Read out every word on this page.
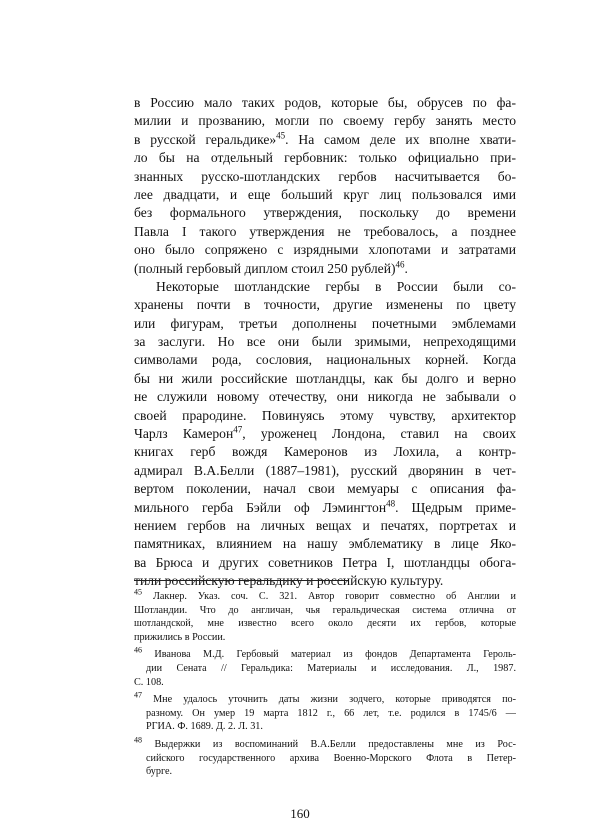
в Россию мало таких родов, которые бы, обрусев по фа-
милии и прозванию, могли по своему гербу занять место
в русской геральдике»$^{45}$. На самом деле их вполне хвати-
ло бы на отдельный гербовник: только официально при-
знанных русско-шотландских гербов насчитывается бо-
лее двадцати, и еще больший круг лиц пользовался ими
без формального утверждения, поскольку до времени
Павла I такого утверждения не требовалось, а позднее
оно было сопряжено с изрядными хлопотами и затратами
(полный гербовый диплом стоил 250 рублей)$^{46}$.
Некоторые шотландские гербы в России были со-
хранены почти в точности, другие изменены по цвету
или фигурам, третьи дополнены почетными эмблемами
за заслуги. Но все они были зримыми, непреходящими
символами рода, сословия, национальных корней. Когда
бы ни жили российские шотландцы, как бы долго и верно
не служили новому отечеству, они никогда не забывали о
своей прародине. Повинуясь этому чувству, архитектор
Чарлз Камерон$^{47}$, уроженец Лондона, ставил на своих
книгах герб вождя Камеронов из Лохила, а контр-
адмирал В.А.Белли (1887–1981), русский дворянин в чет-
вертом поколении, начал свои мемуары с описания фа-
мильного герба Бэйли оф Лэмингтон$^{48}$. Щедрым приме-
нением гербов на личных вещах и печатях, портретах и
памятниках, влиянием на нашу эмблематику в лице Яко-
ва Брюса и других советников Петра I, шотландцы обога-
тили российскую геральдику и российскую культуру.
$^{45}$ Лакнер. Указ. соч. С. 321. Автор говорит совместно об Англии и
Шотландии. Что до англичан, чья геральдическая система отлична от
шотландской, мне известно всего около десяти их гербов, которые
прижились в России.
$^{46}$ Иванова М.Д. Гербовый материал из фондов Департамента Героль-
дии Сената // Геральдика: Материалы и исследования. Л., 1987.
С. 108.
$^{47}$ Мне удалось уточнить даты жизни зодчего, которые приводятся по-
разному. Он умер 19 марта 1812 г., 66 лет, т.е. родился в 1745/6 —
РГИА. Ф. 1689. Д. 2. Л. 31.
$^{48}$ Выдержки из воспоминаний В.А.Белли предоставлены мне из Рос-
сийского государственного архива Военно-Морского Флота в Петер-
бурге.
160
